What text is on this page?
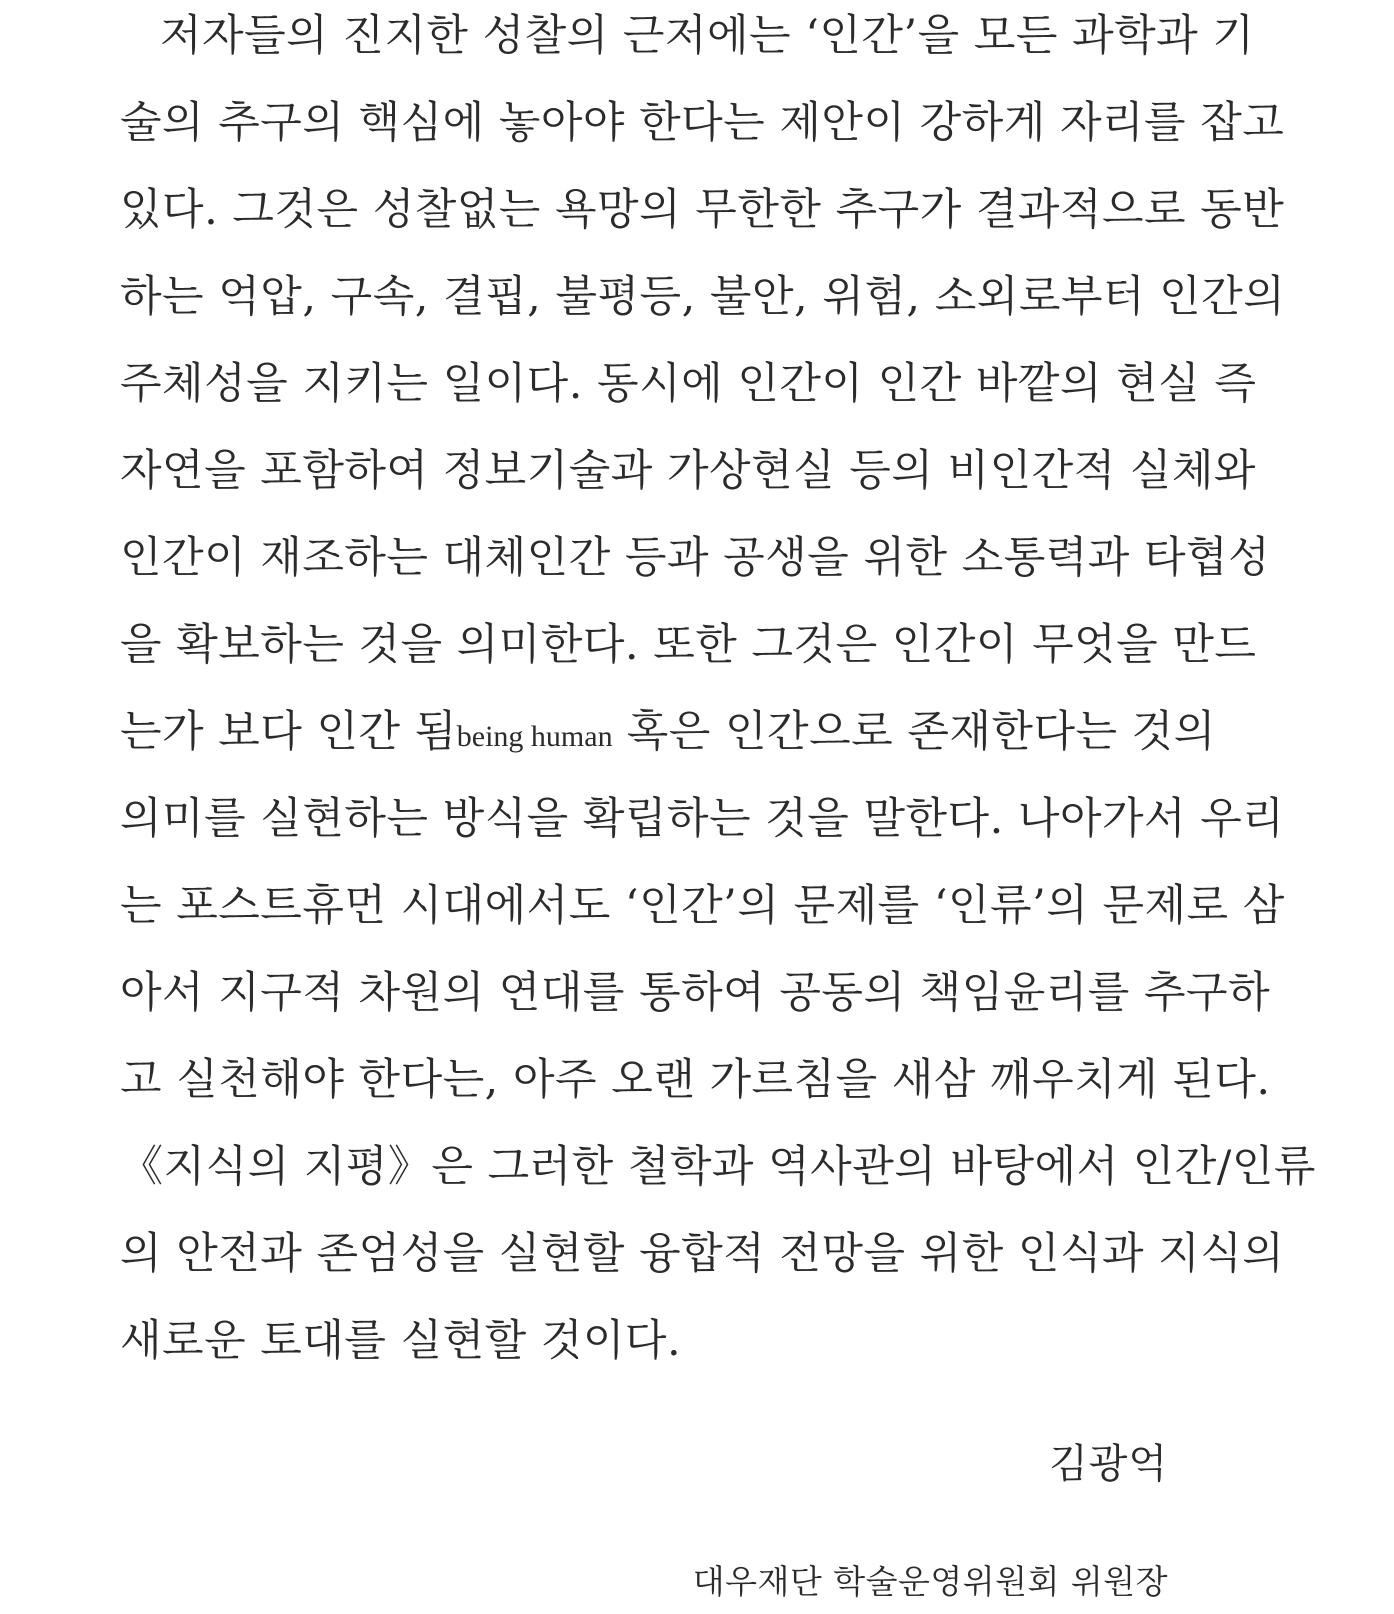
저자들의 진지한 성찰의 근저에는 ‘인간’을 모든 과학과 기
술의 추구의 핵심에 놓아야 한다는 제안이 강하게 자리를 잡고
있다. 그것은 성찰없는 욕망의 무한한 추구가 결과적으로 동반
하는 억압, 구속, 결핍, 불평등, 불안, 위험, 소외로부터 인간의
주체성을 지키는 일이다. 동시에 인간이 인간 바깥의 현실 즉
자연을 포함하여 정보기술과 가상현실 등의 비인간적 실체와
인간이 재조하는 대체인간 등과 공생을 위한 소통력과 타협성
을 확보하는 것을 의미한다. 또한 그것은 인간이 무엇을 만드
는가 보다 인간 됨being human 혹은 인간으로 존재한다는 것의
의미를 실현하는 방식을 확립하는 것을 말한다. 나아가서 우리
는 포스트휴먼 시대에서도 ‘인간’의 문제를 ‘인류’의 문제로 삼
아서 지구적 차원의 연대를 통하여 공동의 책임윤리를 추구하
고 실천해야 한다는, 아주 오랜 가르침을 새삼 깨우치게 된다.
《지식의 지평》은 그러한 철학과 역사관의 바탕에서 인간/인류
의 안전과 존엄성을 실현할 융합적 전망을 위한 인식과 지식의
새로운 토대를 실현할 것이다.

김광억

대우재단 학술운영위원회 위원장
